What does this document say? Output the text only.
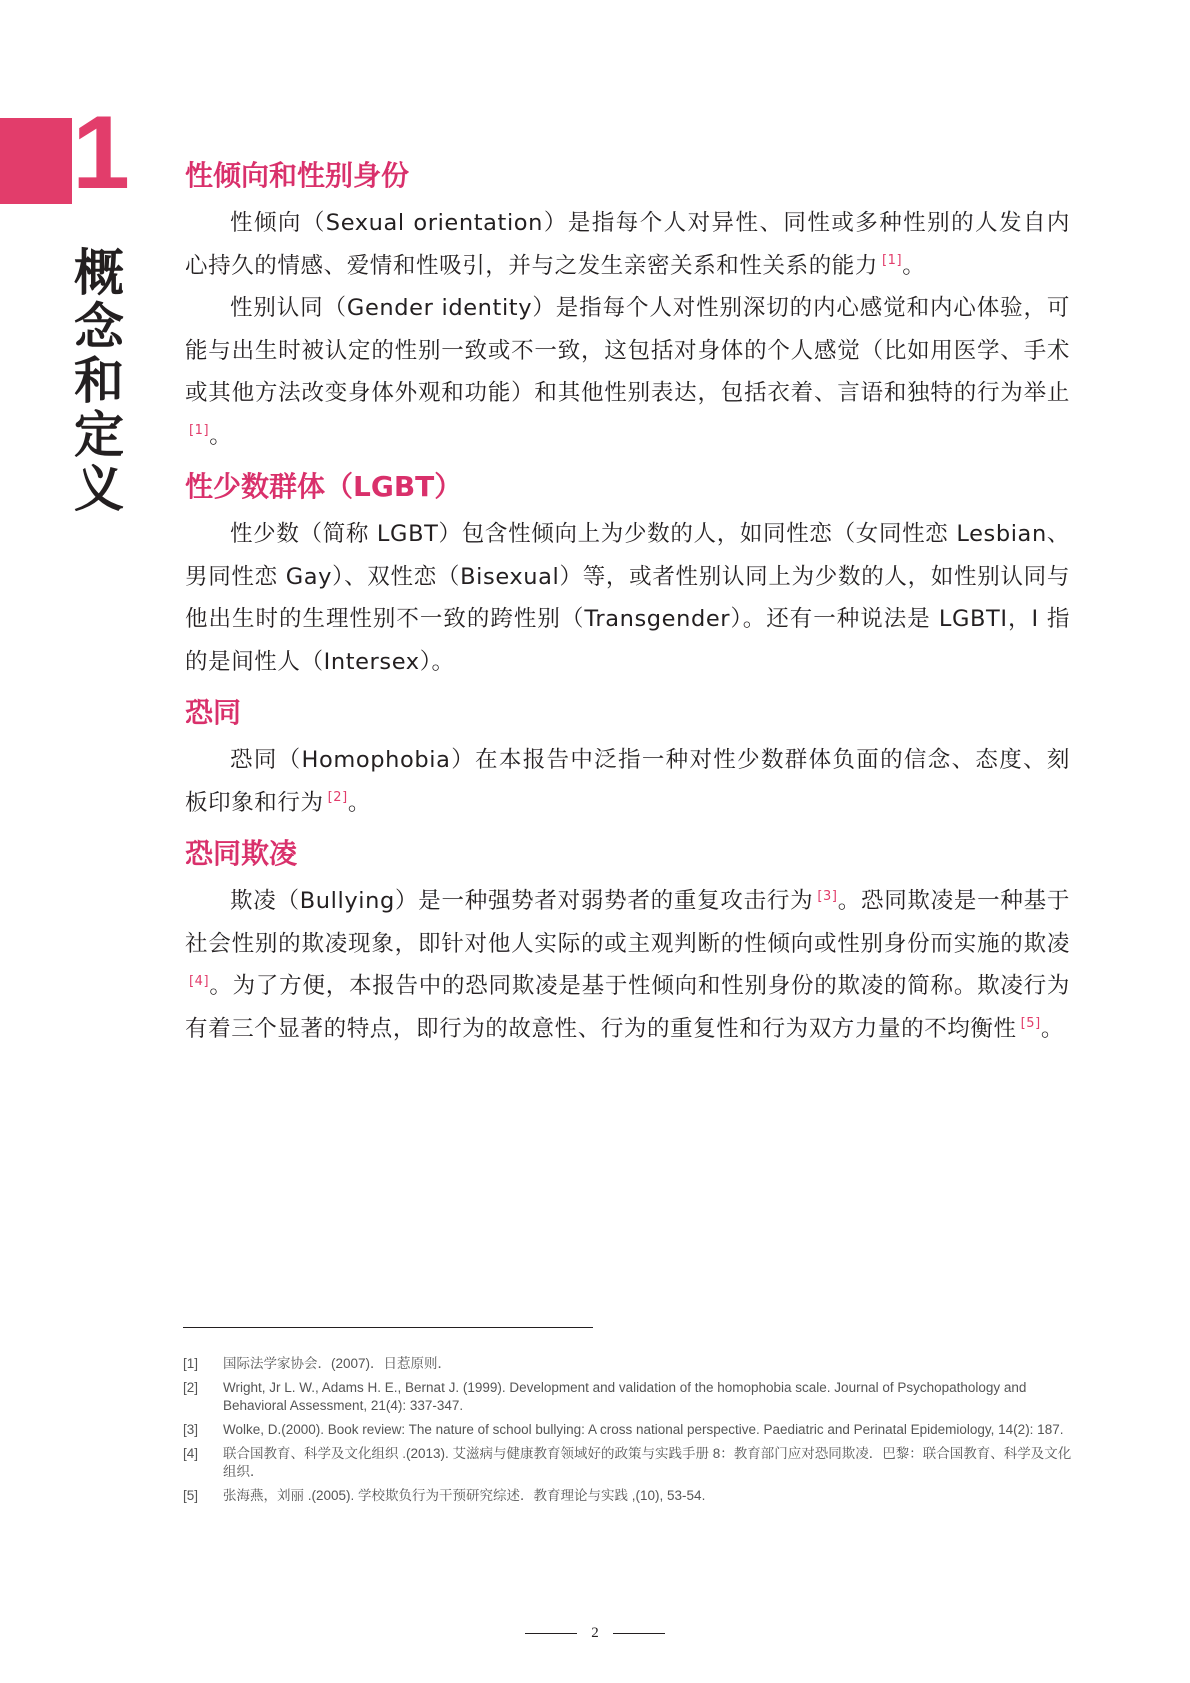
1
概念和定义
性倾向和性别身份

性倾向（Sexual orientation）是指每个人对异性、同性或多种性别的人发自内心持久的情感、爱情和性吸引，并与之发生亲密关系和性关系的能力 [1]。

性别认同（Gender identity）是指每个人对性别深切的内心感觉和内心体验，可能与出生时被认定的性别一致或不一致，这包括对身体的个人感觉（比如用医学、手术或其他方法改变身体外观和功能）和其他性别表达，包括衣着、言语和独特的行为举止[1]。

性少数群体（LGBT）

性少数（简称 LGBT）包含性倾向上为少数的人，如同性恋（女同性恋 Lesbian、男同性恋 Gay）、双性恋（Bisexual）等，或者性别认同上为少数的人，如性别认同与他出生时的生理性别不一致的跨性别（Transgender）。还有一种说法是 LGBTI，I 指的是间性人（Intersex）。

恐同

恐同（Homophobia）在本报告中泛指一种对性少数群体负面的信念、态度、刻板印象和行为 [2]。

恐同欺凌

欺凌（Bullying）是一种强势者对弱势者的重复攻击行为 [3]。恐同欺凌是一种基于社会性别的欺凌现象，即针对他人实际的或主观判断的性倾向或性别身份而实施的欺凌[4]。为了方便，本报告中的恐同欺凌是基于性倾向和性别身份的欺凌的简称。欺凌行为有着三个显著的特点，即行为的故意性、行为的重复性和行为双方力量的不均衡性 [5]。

[1]	国际法学家协会．(2007)．日惹原则．
[2]	Wright, Jr L. W., Adams H. E., Bernat J. (1999). Development and validation of the homophobia scale. Journal of Psychopathology and Behavioral Assessment, 21(4): 337-347.
[3]	Wolke, D.(2000). Book review: The nature of school bullying: A cross national perspective. Paediatric and Perinatal Epidemiology, 14(2): 187.
[4]	联合国教育、科学及文化组织 .(2013). 艾滋病与健康教育领域好的政策与实践手册 8：教育部门应对恐同欺凌．巴黎：联合国教育、科学及文化组织．
[5]	张海燕，刘丽 .(2005). 学校欺负行为干预研究综述．教育理论与实践 ,(10), 53-54.
2
